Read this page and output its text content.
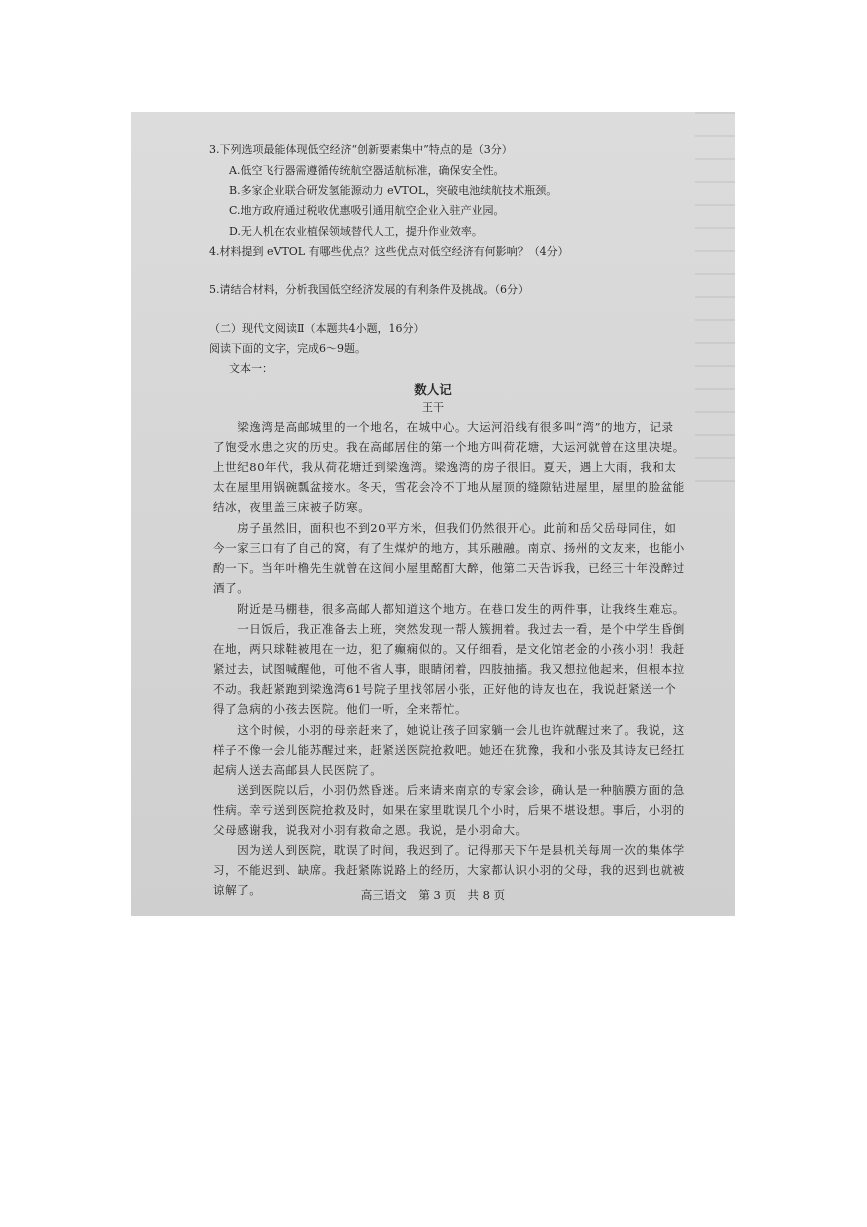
3.下列选项最能体现低空经济“创新要素集中”特点的是（3分）
A.低空飞行器需遵循传统航空器适航标准，确保安全性。
B.多家企业联合研发氢能源动力 eVTOL，突破电池续航技术瓶颈。
C.地方政府通过税收优惠吸引通用航空企业入驻产业园。
D.无人机在农业植保领域替代人工，提升作业效率。
4.材料提到 eVTOL 有哪些优点？这些优点对低空经济有何影响？（4分）
5.请结合材料，分析我国低空经济发展的有利条件及挑战。（6分）
（二）现代文阅读Ⅱ（本题共4小题，16分）
阅读下面的文字，完成6～9题。
文本一：
数人记
王干
　　梁逸湾是高邮城里的一个地名，在城中心。大运河沿线有很多叫“湾”的地方，记录
了饱受水患之灾的历史。我在高邮居住的第一个地方叫荷花塘，大运河就曾在这里决堤。
上世纪80年代，我从荷花塘迁到梁逸湾。梁逸湾的房子很旧。夏天，遇上大雨，我和太
太在屋里用锅碗瓢盆接水。冬天，雪花会冷不丁地从屋顶的缝隙钻进屋里，屋里的脸盆能
结冰，夜里盖三床被子防寒。
　　房子虽然旧，面积也不到20平方米，但我们仍然很开心。此前和岳父岳母同住，如
今一家三口有了自己的窝，有了生煤炉的地方，其乐融融。南京、扬州的文友来，也能小
酌一下。当年叶橹先生就曾在这间小屋里酩酊大醉，他第二天告诉我，已经三十年没醉过
酒了。
　　附近是马棚巷，很多高邮人都知道这个地方。在巷口发生的两件事，让我终生难忘。
　　一日饭后，我正准备去上班，突然发现一帮人簇拥着。我过去一看，是个中学生昏倒
在地，两只球鞋被甩在一边，犯了癫痫似的。又仔细看，是文化馆老金的小孩小羽！我赶
紧过去，试图喊醒他，可他不省人事，眼睛闭着，四肢抽搐。我又想拉他起来，但根本拉
不动。我赶紧跑到梁逸湾61号院子里找邻居小张，正好他的诗友也在，我说赶紧送一个
得了急病的小孩去医院。他们一听，全来帮忙。
　　这个时候，小羽的母亲赶来了，她说让孩子回家躺一会儿也许就醒过来了。我说，这
样子不像一会儿能苏醒过来，赶紧送医院抢救吧。她还在犹豫，我和小张及其诗友已经扛
起病人送去高邮县人民医院了。
　　送到医院以后，小羽仍然昏迷。后来请来南京的专家会诊，确认是一种脑膜方面的急
性病。幸亏送到医院抢救及时，如果在家里耽误几个小时，后果不堪设想。事后，小羽的
父母感谢我，说我对小羽有救命之恩。我说，是小羽命大。
　　因为送人到医院，耽误了时间，我迟到了。记得那天下午是县机关每周一次的集体学
习，不能迟到、缺席。我赶紧陈说路上的经历，大家都认识小羽的父母，我的迟到也就被
谅解了。	高三语文　 第 3 页　共 8 页
